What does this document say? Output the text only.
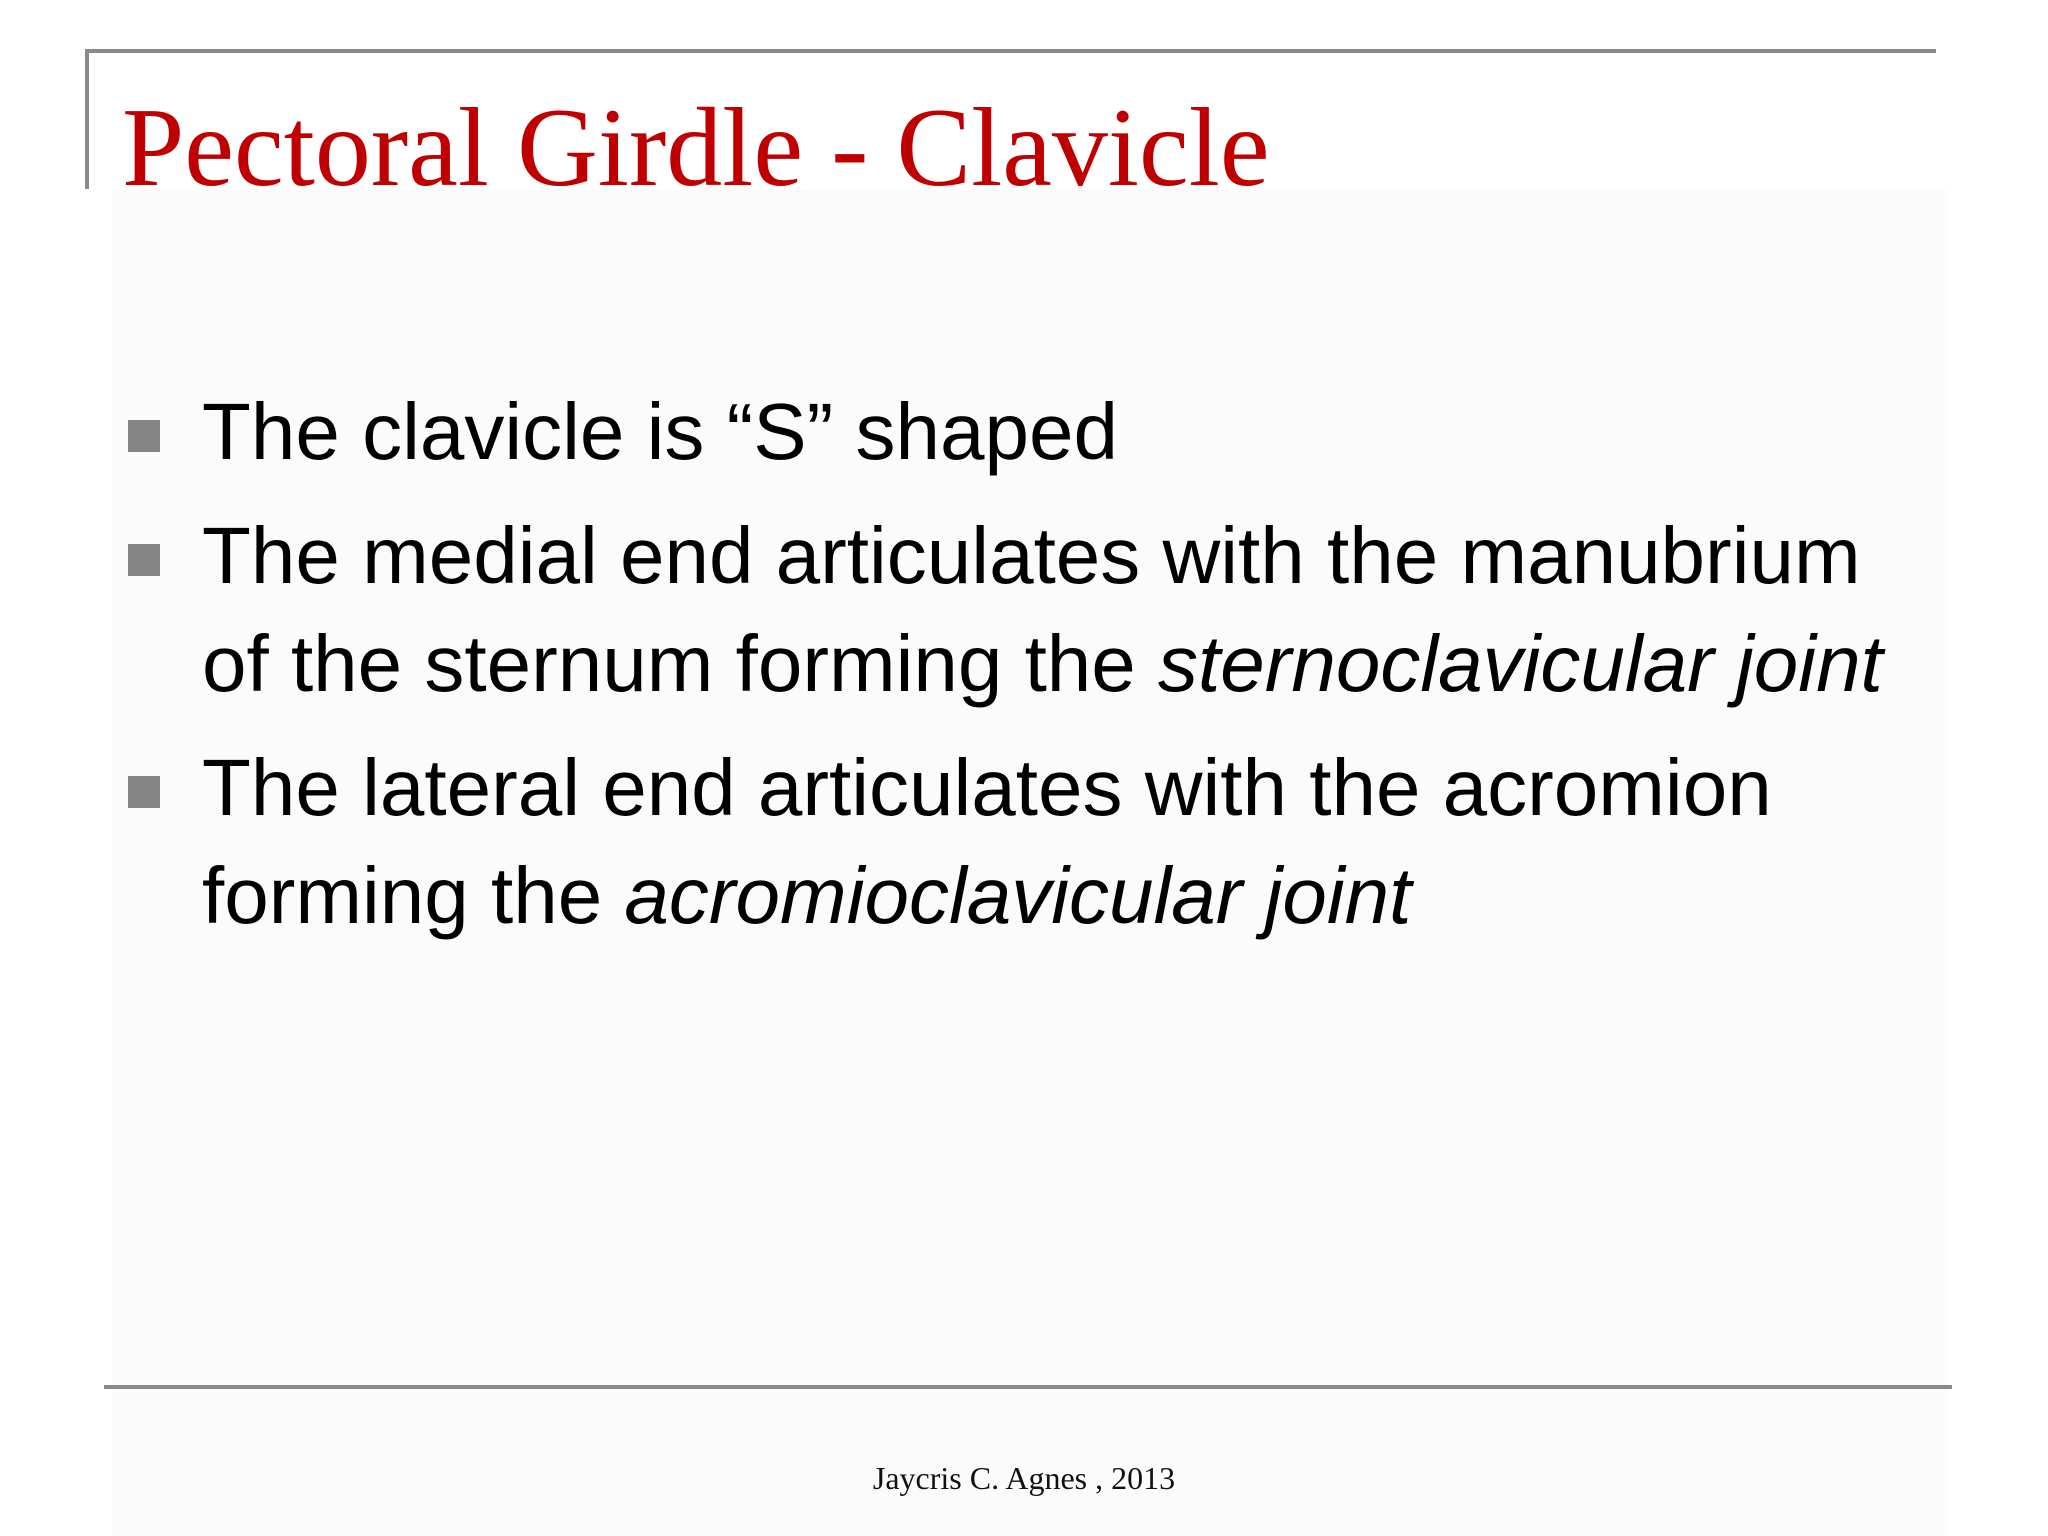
Pectoral Girdle - Clavicle
The clavicle is “S” shaped
The medial end articulates with the manubrium of the sternum forming the sternoclavicular joint
The lateral end articulates with the acromion forming the acromioclavicular joint
Jaycris C. Agnes , 2013
